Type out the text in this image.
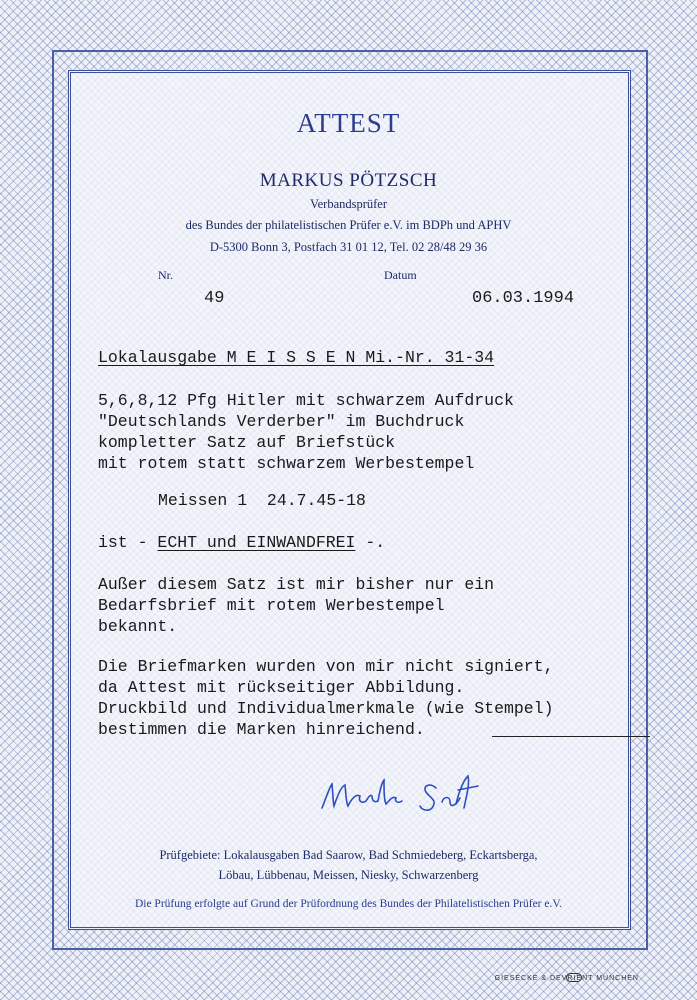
ATTEST
MARKUS PÖTZSCH
Verbandsprüfer
des Bundes der philatelistischen Prüfer e.V. im BDPh und APHV
D-5300 Bonn 3, Postfach 31 01 12, Tel. 02 28/48 29 36
Nr.	Datum
49	06.03.1994
Lokalausgabe M E I S S E N Mi.-Nr. 31-34
5,6,8,12 Pfg Hitler mit schwarzem Aufdruck
"Deutschlands Verderber" im Buchdruck
kompletter Satz auf Briefstück
mit rotem statt schwarzem Werbestempel
Meissen 1  24.7.45-18
ist - ECHT und EINWANDFREI -.
Außer diesem Satz ist mir bisher nur ein
Bedarfsbrief mit rotem Werbestempel
bekannt.
Die Briefmarken wurden von mir nicht signiert,
da Attest mit rückseitiger Abbildung.
Druckbild und Individualmerkmale (wie Stempel)
bestimmen die Marken hinreichend.
Prüfgebiete: Lokalausgaben Bad Saarow, Bad Schmiedeberg, Eckartsberga,
Löbau, Lübbenau, Meissen, Niesky, Schwarzenberg
Die Prüfung erfolgte auf Grund der Prüfordnung des Bundes der Philatelistischen Prüfer e.V.
GIESECKE & DEVRIENT MÜNCHEN
